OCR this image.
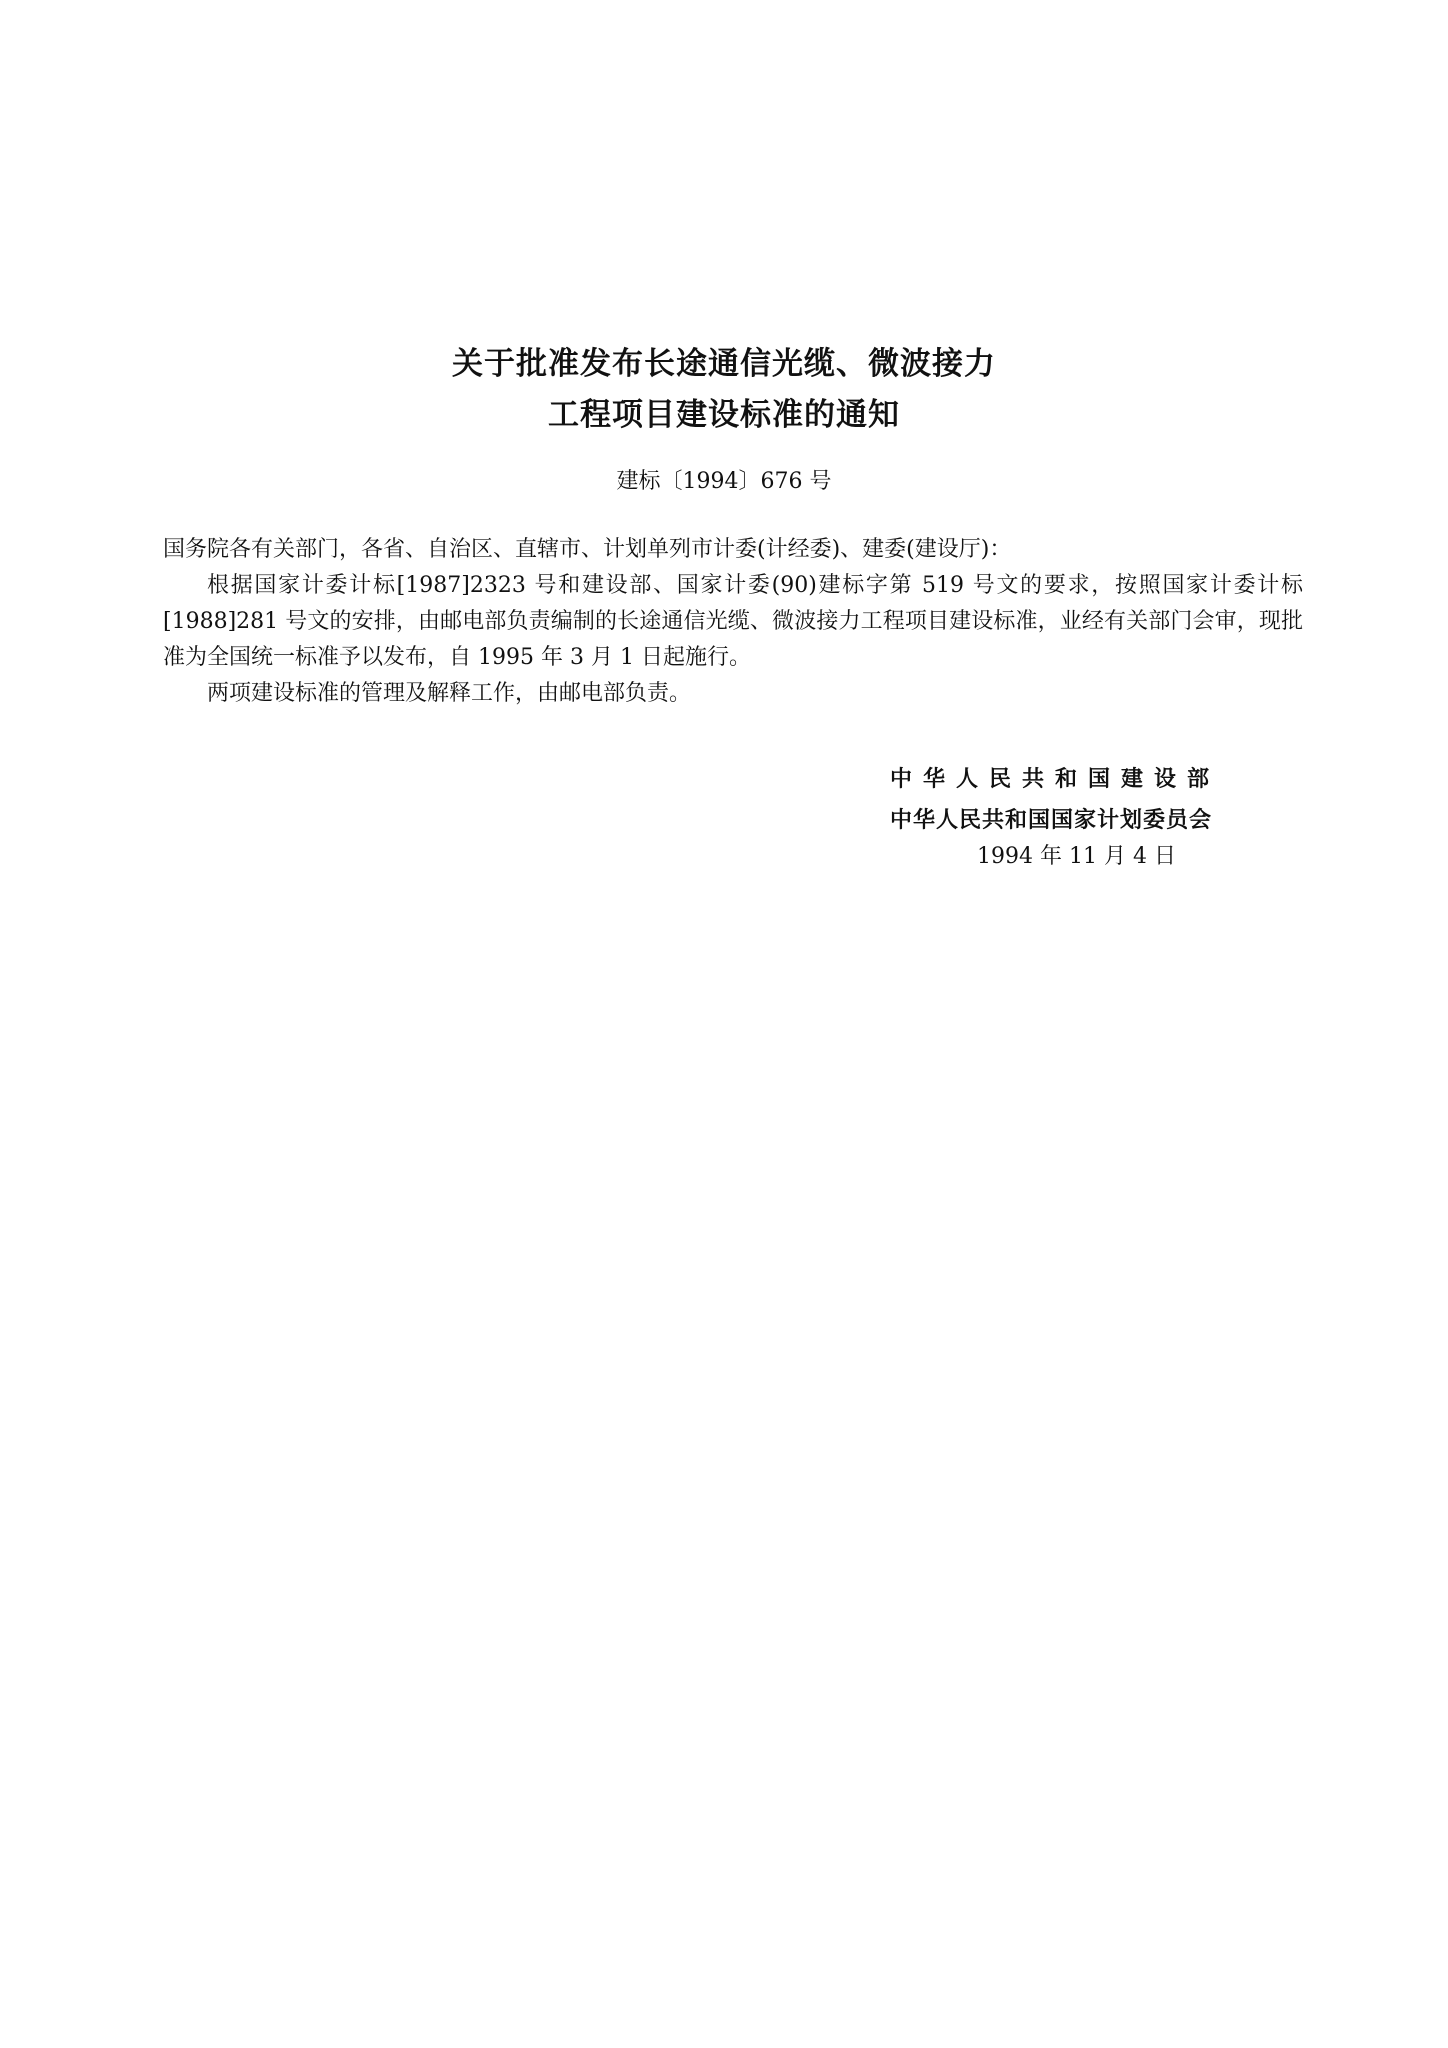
关于批准发布长途通信光缆、微波接力
工程项目建设标准的通知
建标〔1994〕676 号

国务院各有关部门，各省、自治区、直辖市、计划单列市计委(计经委)、建委(建设厅)：

根据国家计委计标[1987]2323 号和建设部、国家计委(90)建标字第 519 号文的要求，按照国家计委计标[1988]281 号文的安排，由邮电部负责编制的长途通信光缆、微波接力工程项目建设标准，业经有关部门会审，现批准为全国统一标准予以发布，自 1995 年 3 月 1 日起施行。

两项建设标准的管理及解释工作，由邮电部负责。

中华人民共和国建设部
中华人民共和国国家计划委员会
1994 年 11 月 4 日
